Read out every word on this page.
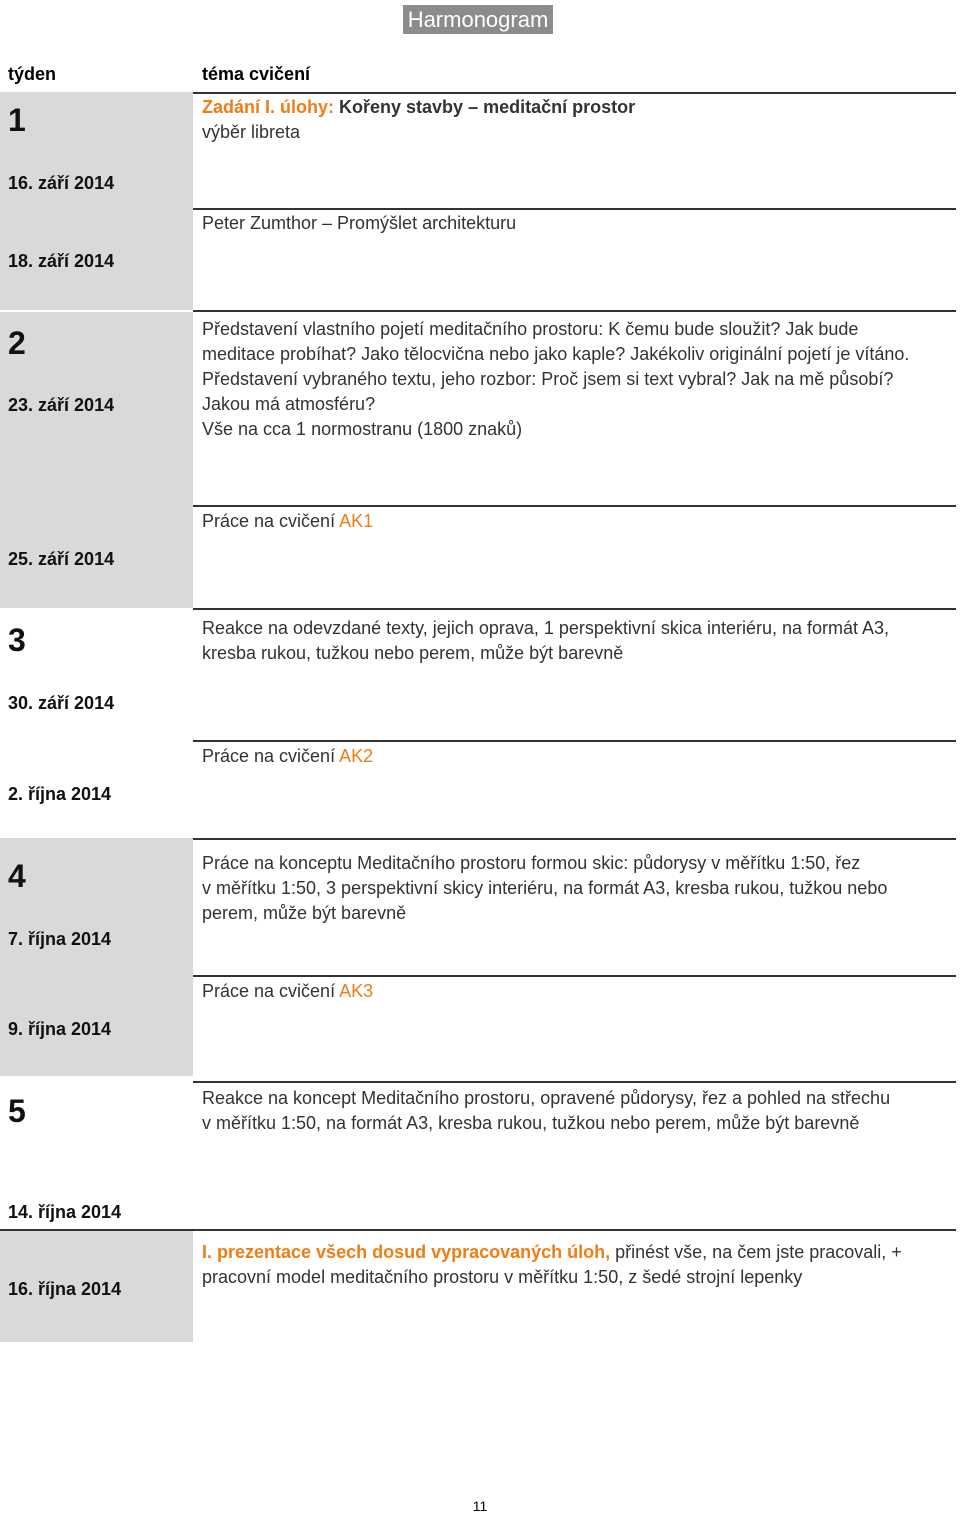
Harmonogram
týden	téma cvičení
1
16. září 2014
18. září 2014
2
23. září 2014
25. září 2014
3
30. září 2014
2. října 2014
4
7. října 2014
9. října 2014
5
14. října 2014
16. října 2014
Zadání I. úlohy: Kořeny stavby – meditační prostor
výběr libreta
Peter Zumthor – Promýšlet architekturu
Představení vlastního pojetí meditačního prostoru: K čemu bude sloužit? Jak bude
meditace probíhat? Jako tělocvična nebo jako kaple? Jakékoliv originální pojetí je vítáno.
Představení vybraného textu, jeho rozbor: Proč jsem si text vybral? Jak na mě působí?
Jakou má atmosféru?
Vše na cca 1 normostranu (1800 znaků)
Práce na cvičení AK1
Reakce na odevzdané texty, jejich oprava, 1 perspektivní skica interiéru, na formát A3,
kresba rukou, tužkou nebo perem, může být barevně
Práce na cvičení AK2
Práce na konceptu Meditačního prostoru formou skic: půdorysy v měřítku 1:50, řez
v měřítku 1:50, 3 perspektivní skicy interiéru, na formát A3, kresba rukou, tužkou nebo
perem, může být barevně
Práce na cvičení AK3
Reakce na koncept Meditačního prostoru, opravené půdorysy, řez a pohled na střechu
v měřítku 1:50, na formát A3, kresba rukou, tužkou nebo perem, může být barevně
I. prezentace všech dosud vypracovaných úloh, přinést vše, na čem jste pracovali, +
pracovní model meditačního prostoru v měřítku 1:50, z šedé strojní lepenky
11
